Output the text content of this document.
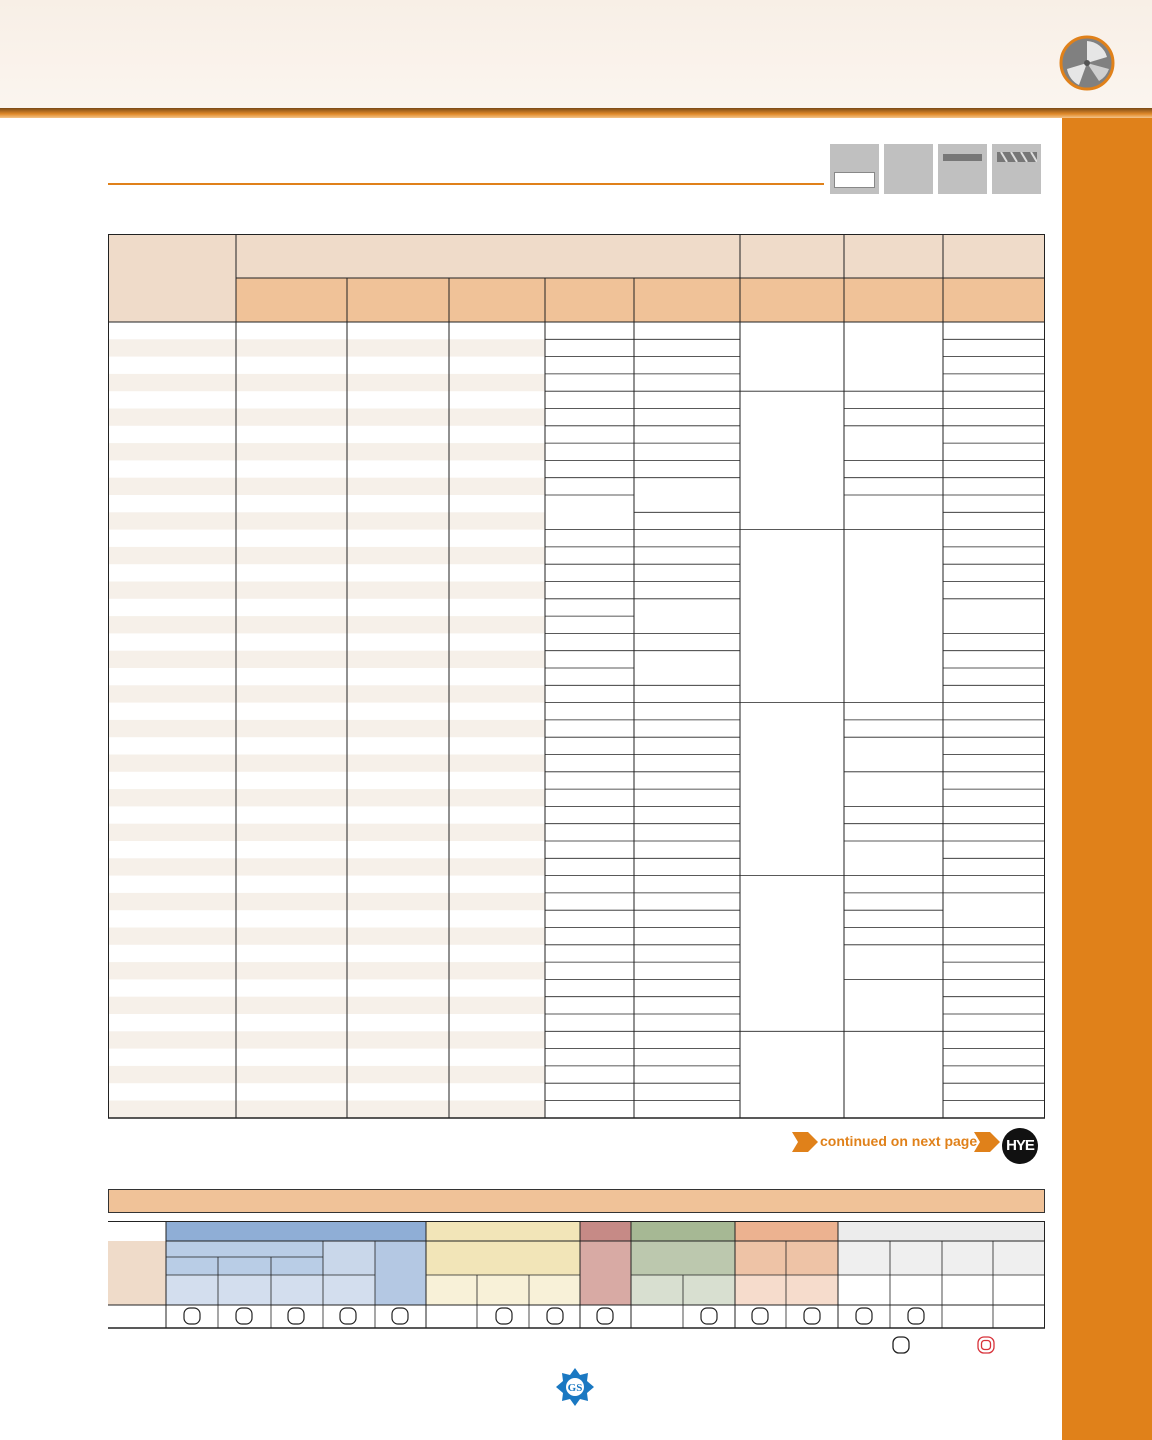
continued on next page HYE
GS
